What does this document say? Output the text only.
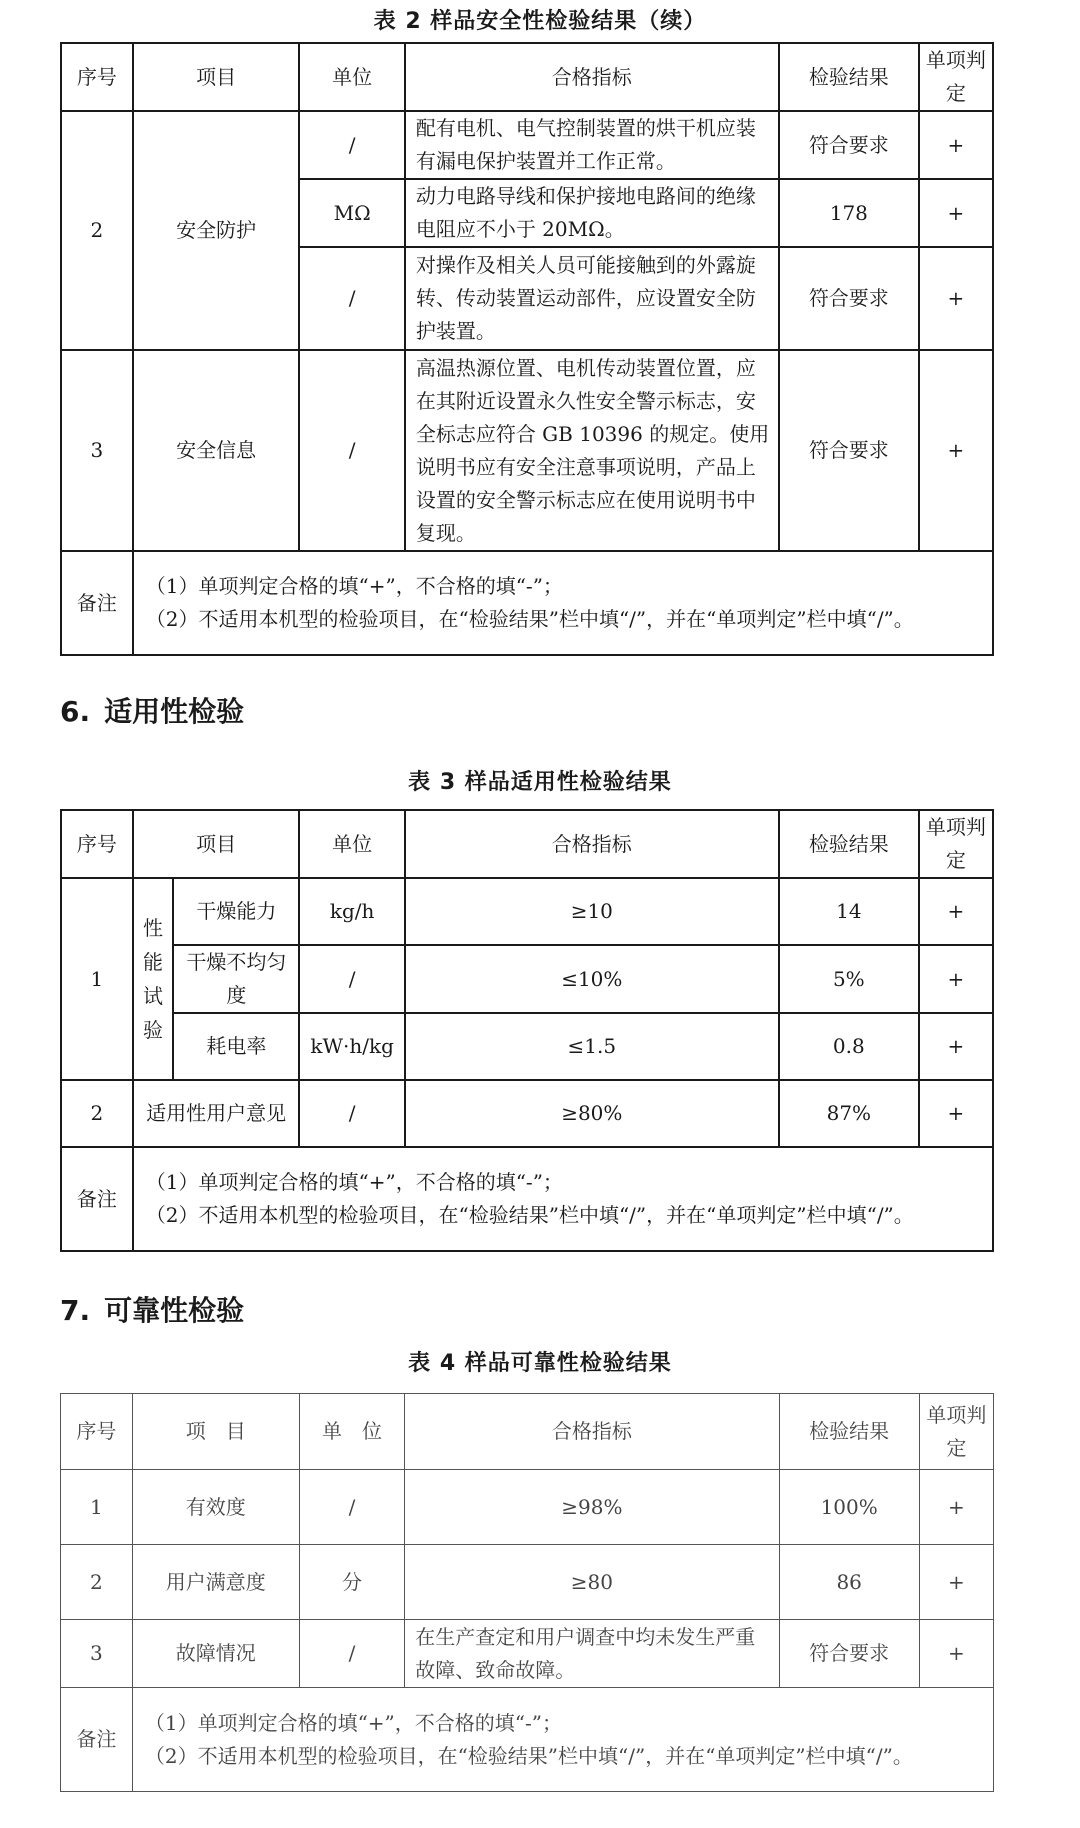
表 2 样品安全性检验结果（续）
序号	项目	单位	合格指标	检验结果	单项判定
2	安全防护	/	配有电机、电气控制装置的烘干机应装有漏电保护装置并工作正常。	符合要求	+
		MΩ	动力电路导线和保护接地电路间的绝缘电阻应不小于 20MΩ。	178	+
		/	对操作及相关人员可能接触到的外露旋转、传动装置运动部件，应设置安全防护装置。	符合要求	+
3	安全信息	/	高温热源位置、电机传动装置位置，应在其附近设置永久性安全警示标志，安全标志应符合 GB 10396 的规定。使用说明书应有安全注意事项说明，产品上设置的安全警示标志应在使用说明书中复现。	符合要求	+
备注	（1）单项判定合格的填“+”，不合格的填“-”；
（2）不适用本机型的检验项目，在“检验结果”栏中填“/”，并在“单项判定”栏中填“/”。				
6. 适用性检验
表 3 样品适用性检验结果
序号	项目		单位	合格指标	检验结果	单项判定
1	性能试验	干燥能力	kg/h	≥10	14	+
		干燥不均匀度	/	≤10%	5%	+
		耗电率	kW·h/kg	≤1.5	0.8	+
2	适用性用户意见		/	≥80%	87%	+
备注	（1）单项判定合格的填“+”，不合格的填“-”；
（2）不适用本机型的检验项目，在“检验结果”栏中填“/”，并在“单项判定”栏中填“/”。					
7. 可靠性检验
表 4 样品可靠性检验结果
序号	项　目	单　位	合格指标	检验结果	单项判定
1	有效度	/	≥98%	100%	+
2	用户满意度	分	≥80	86	+
3	故障情况	/	在生产查定和用户调查中均未发生严重故障、致命故障。	符合要求	+
备注	（1）单项判定合格的填“+”，不合格的填“-”；
（2）不适用本机型的检验项目，在“检验结果”栏中填“/”，并在“单项判定”栏中填“/”。				
